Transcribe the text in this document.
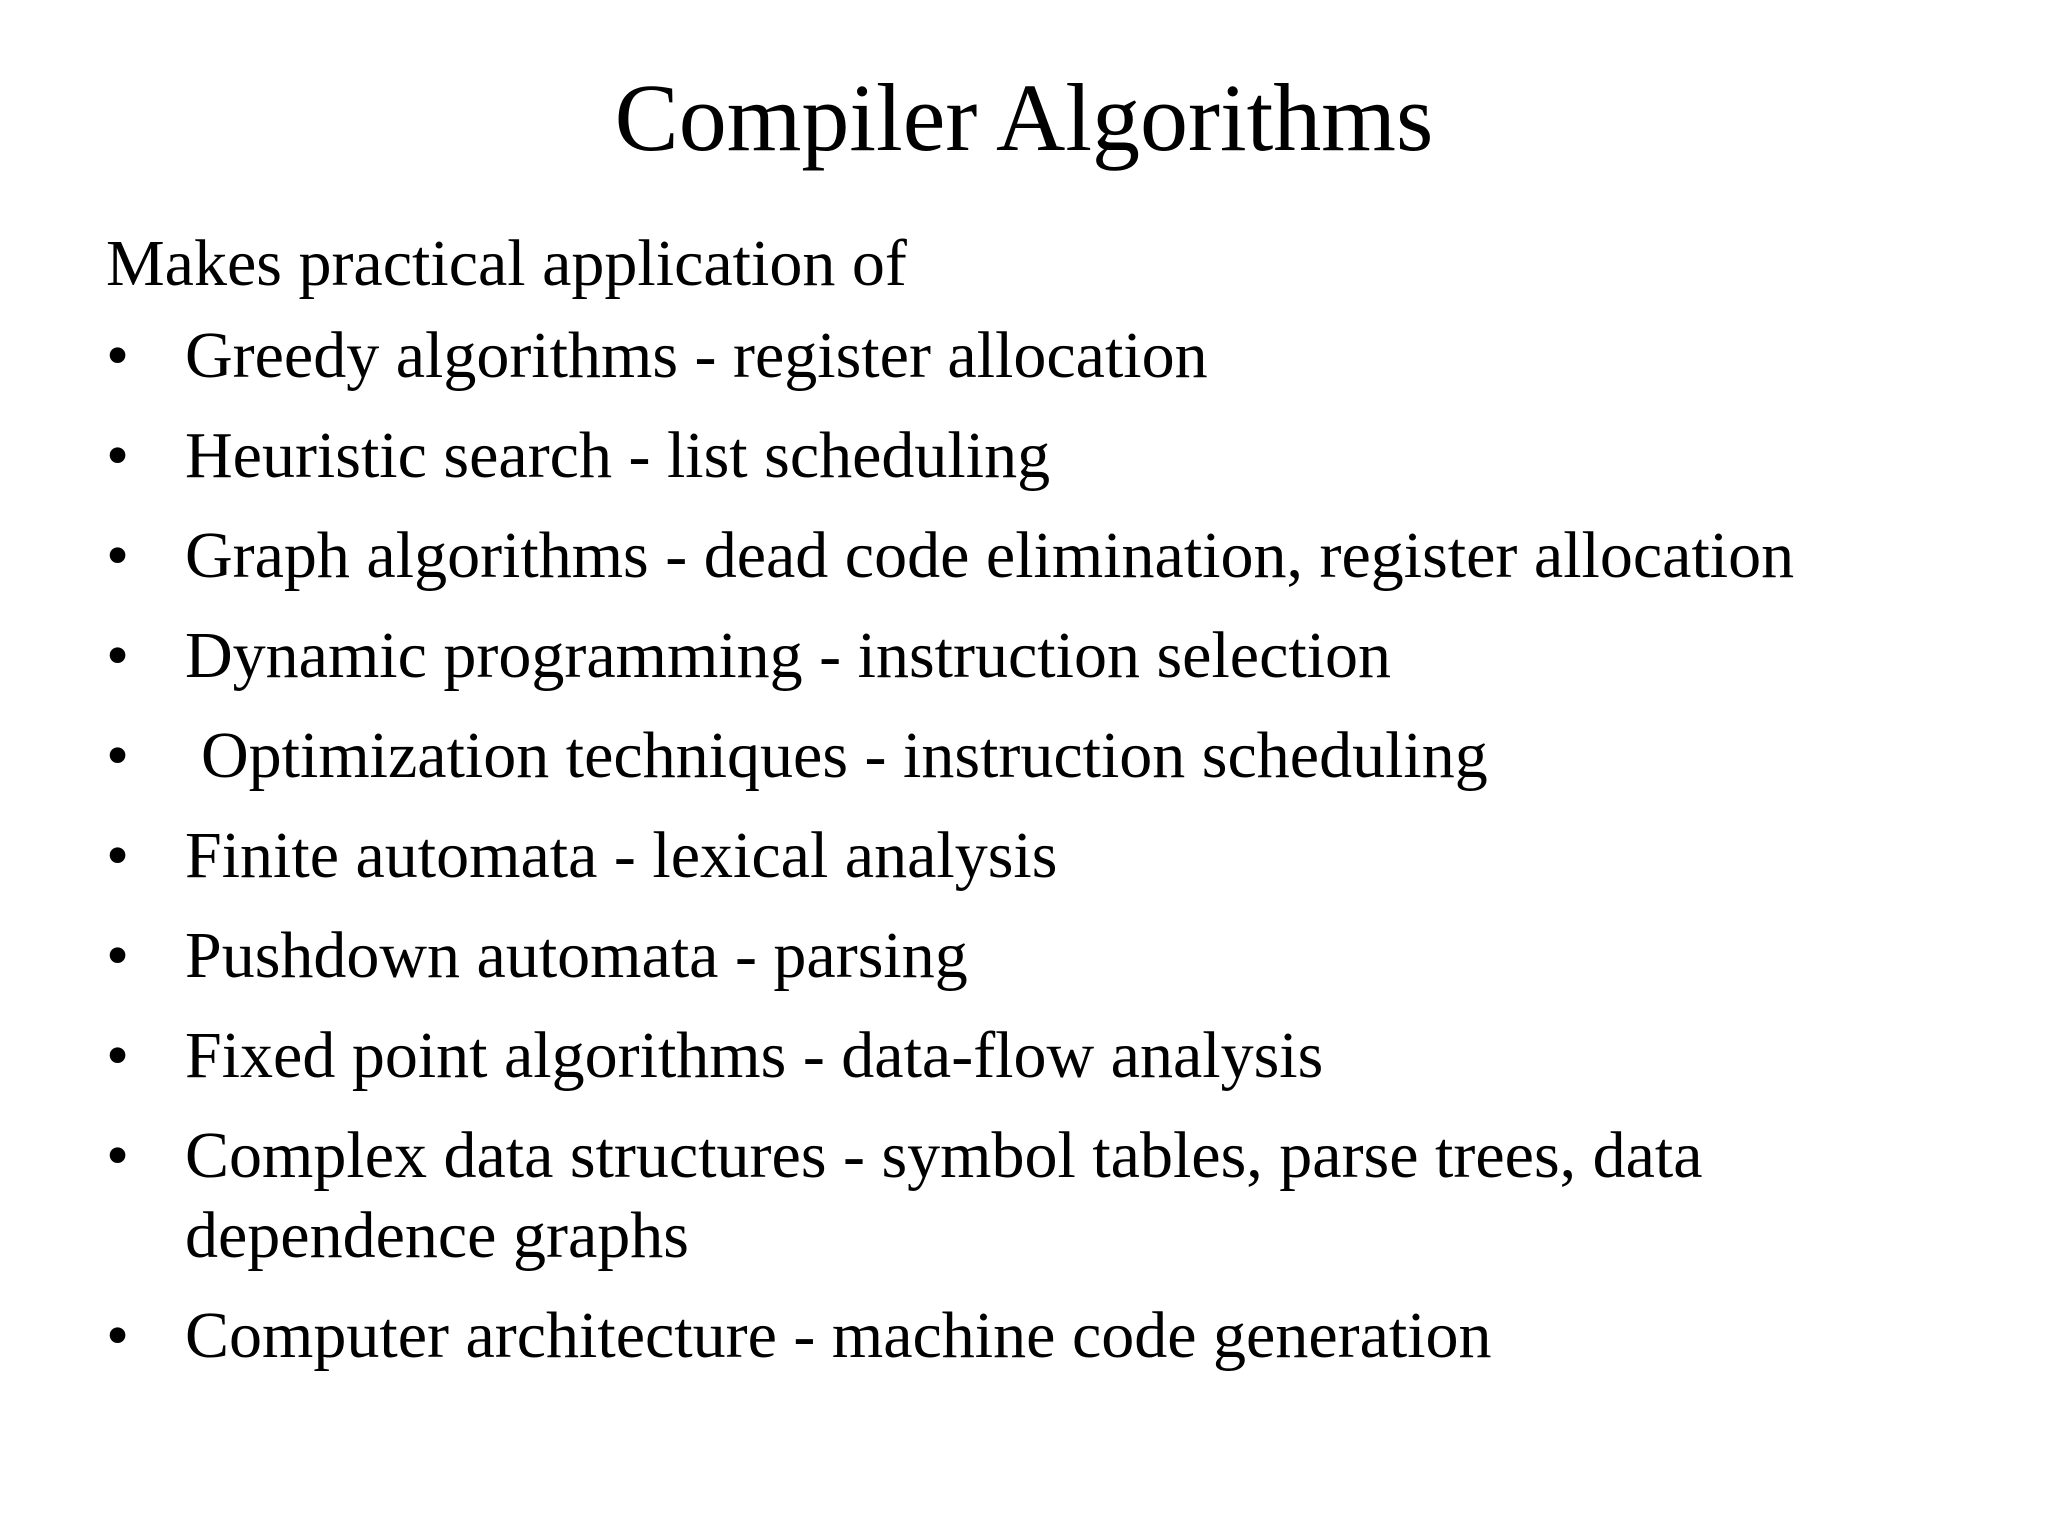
Compiler Algorithms

Makes practical application of

• Greedy algorithms - register allocation
• Heuristic search - list scheduling
• Graph algorithms - dead code elimination, register allocation
• Dynamic programming - instruction selection
• Optimization techniques - instruction scheduling
• Finite automata - lexical analysis
• Pushdown automata - parsing
• Fixed point algorithms - data-flow analysis
• Complex data structures - symbol tables, parse trees, data dependence graphs
• Computer architecture - machine code generation
